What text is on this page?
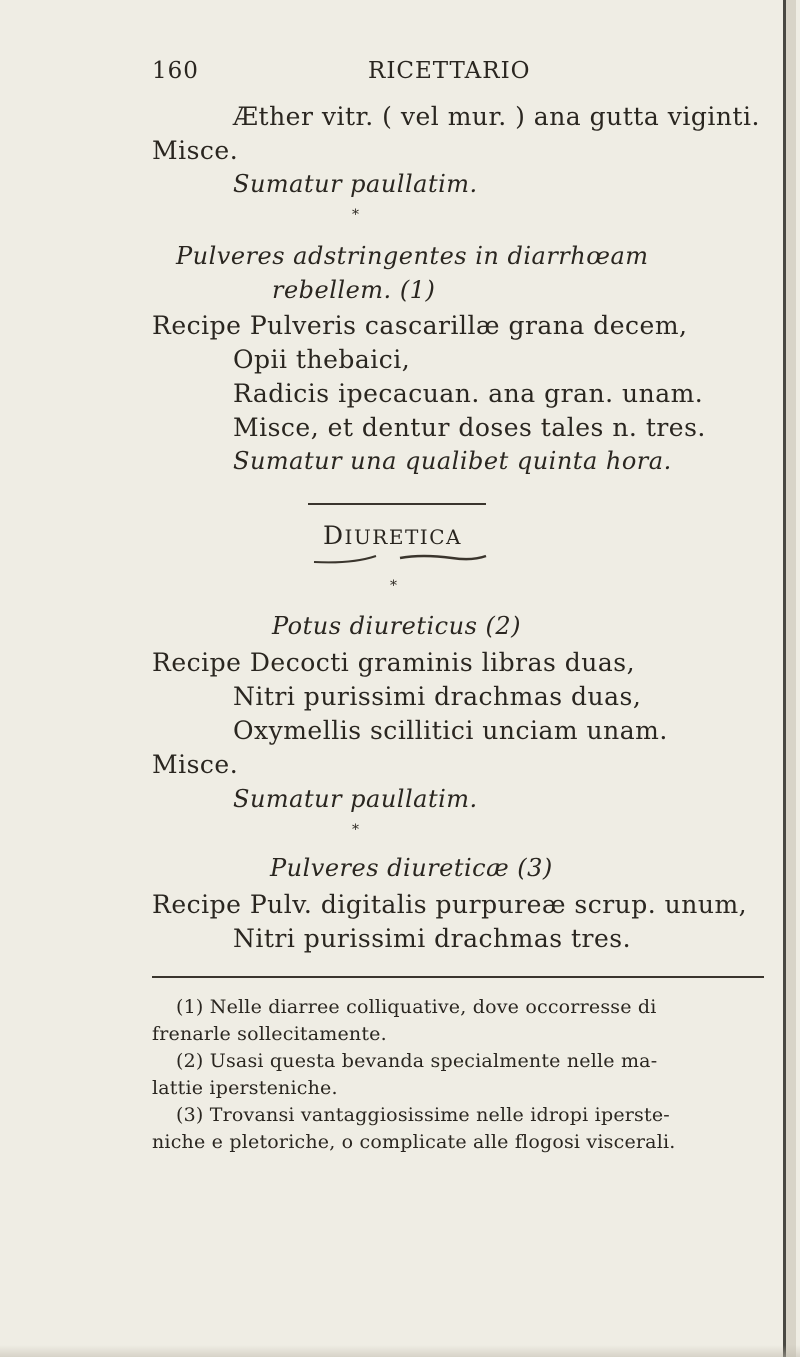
160	RICETTARIO
Æther vitr. ( vel mur. ) ana gutta viginti.
Misce.
Sumatur paullatim.
*
Pulveres adstringentes in diarrhœam
rebellem. (1)
Recipe Pulveris cascarillæ grana decem,
Opii thebaici,
Radicis ipecacuan. ana gran. unam.
Misce, et dentur doses tales n. tres.
Sumatur una qualibet quinta hora.
DIURETICA
*
Potus diureticus (2)
Recipe Decocti graminis libras duas,
Nitri purissimi drachmas duas,
Oxymellis scillitici unciam unam.
Misce.
Sumatur paullatim.
*
Pulveres diureticæ (3)
Recipe Pulv. digitalis purpureæ scrup. unum,
Nitri purissimi drachmas tres.
(1) Nelle diarree colliquative, dove occorresse di
frenarle sollecitamente.
(2) Usasi questa bevanda specialmente nelle ma-
lattie ipersteniche.
(3) Trovansi vantaggiosissime nelle idropi iperste-
niche e pletoriche, o complicate alle flogosi viscerali.
